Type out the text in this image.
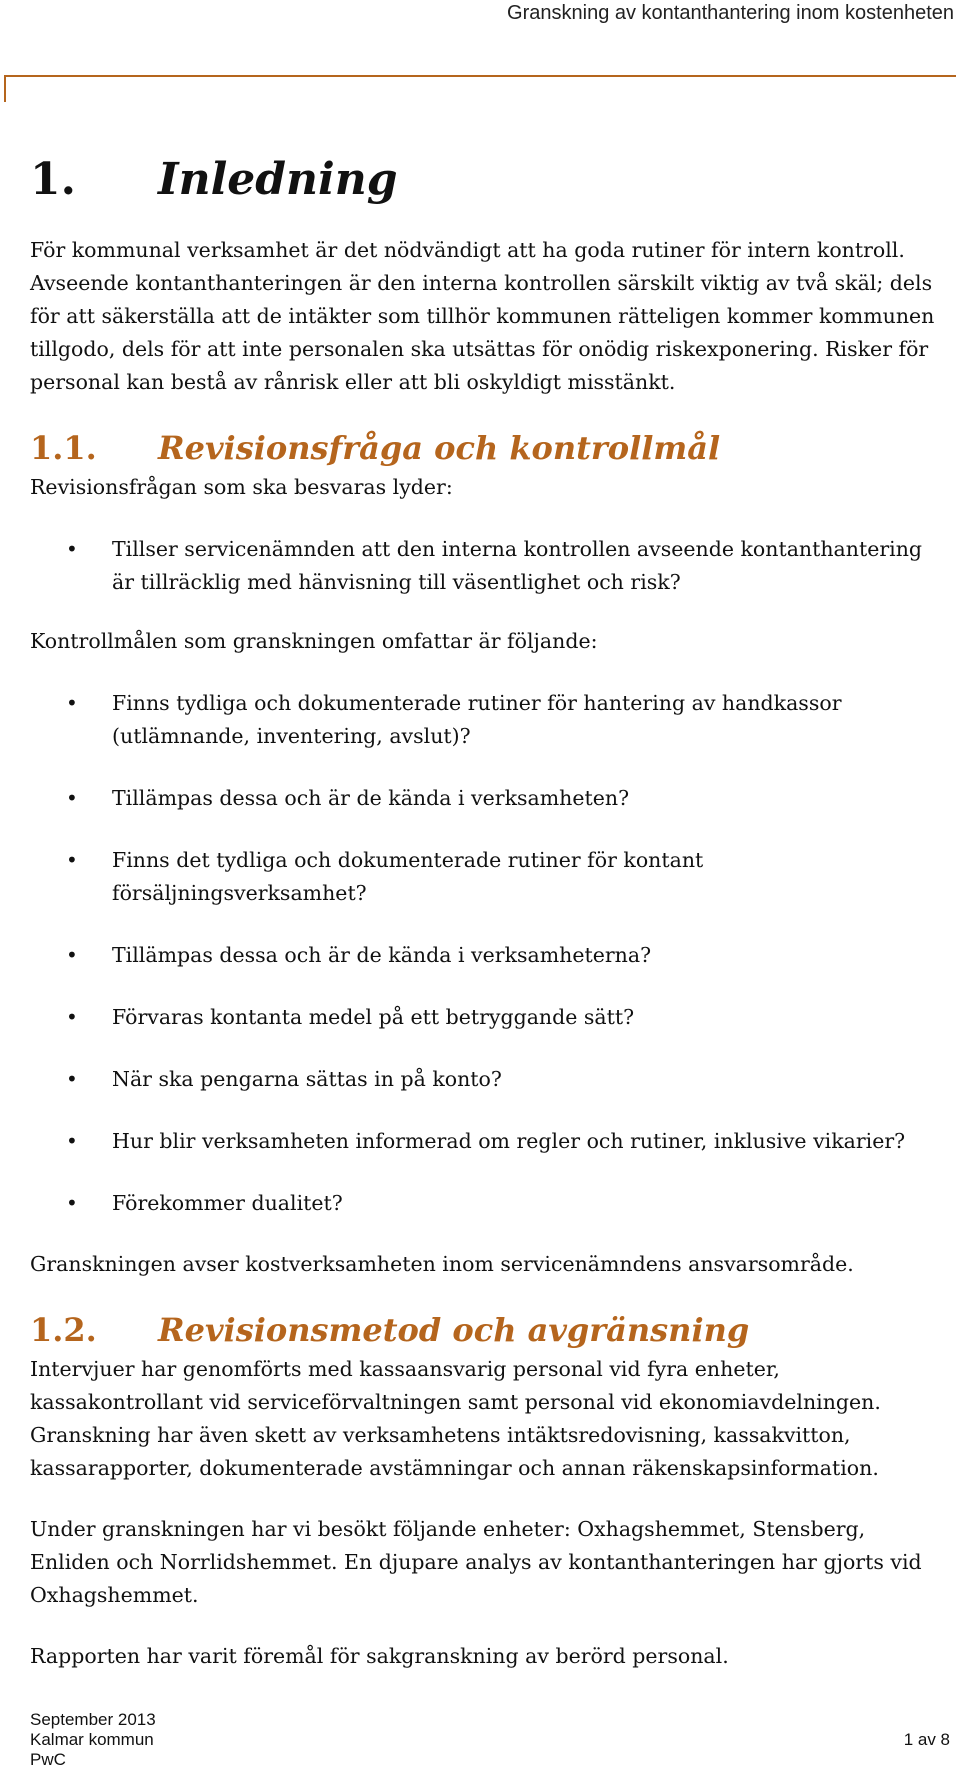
Granskning av kontanthantering inom kostenheten
1.	Inledning

För kommunal verksamhet är det nödvändigt att ha goda rutiner för intern kontroll. Avseende kontanthanteringen är den interna kontrollen särskilt viktig av två skäl; dels för att säkerställa att de intäkter som tillhör kommunen rätteligen kommer kommunen tillgodo, dels för att inte personalen ska utsättas för onödig riskexponering. Risker för personal kan bestå av rånrisk eller att bli oskyldigt misstänkt.

1.1.	Revisionsfråga och kontrollmål

Revisionsfrågan som ska besvaras lyder:

• Tillser servicenämnden att den interna kontrollen avseende kontanthantering är tillräcklig med hänvisning till väsentlighet och risk?

Kontrollmålen som granskningen omfattar är följande:

• Finns tydliga och dokumenterade rutiner för hantering av handkassor (utlämnande, inventering, avslut)?
• Tillämpas dessa och är de kända i verksamheten?
• Finns det tydliga och dokumenterade rutiner för kontant försäljningsverksamhet?
• Tillämpas dessa och är de kända i verksamheterna?
• Förvaras kontanta medel på ett betryggande sätt?
• När ska pengarna sättas in på konto?
• Hur blir verksamheten informerad om regler och rutiner, inklusive vikarier?
• Förekommer dualitet?

Granskningen avser kostverksamheten inom servicenämndens ansvarsområde.

1.2.	Revisionsmetod och avgränsning

Intervjuer har genomförts med kassaansvarig personal vid fyra enheter, kassakontrollant vid serviceförvaltningen samt personal vid ekonomiavdelningen. Granskning har även skett av verksamhetens intäktsredovisning, kassakvitton, kassarapporter, dokumenterade avstämningar och annan räkenskapsinformation.

Under granskningen har vi besökt följande enheter: Oxhagshemmet, Stensberg, Enliden och Norrlidshemmet. En djupare analys av kontanthanteringen har gjorts vid Oxhagshemmet.

Rapporten har varit föremål för sakgranskning av berörd personal.

September 2013
Kalmar kommun
PwC
1 av 8
